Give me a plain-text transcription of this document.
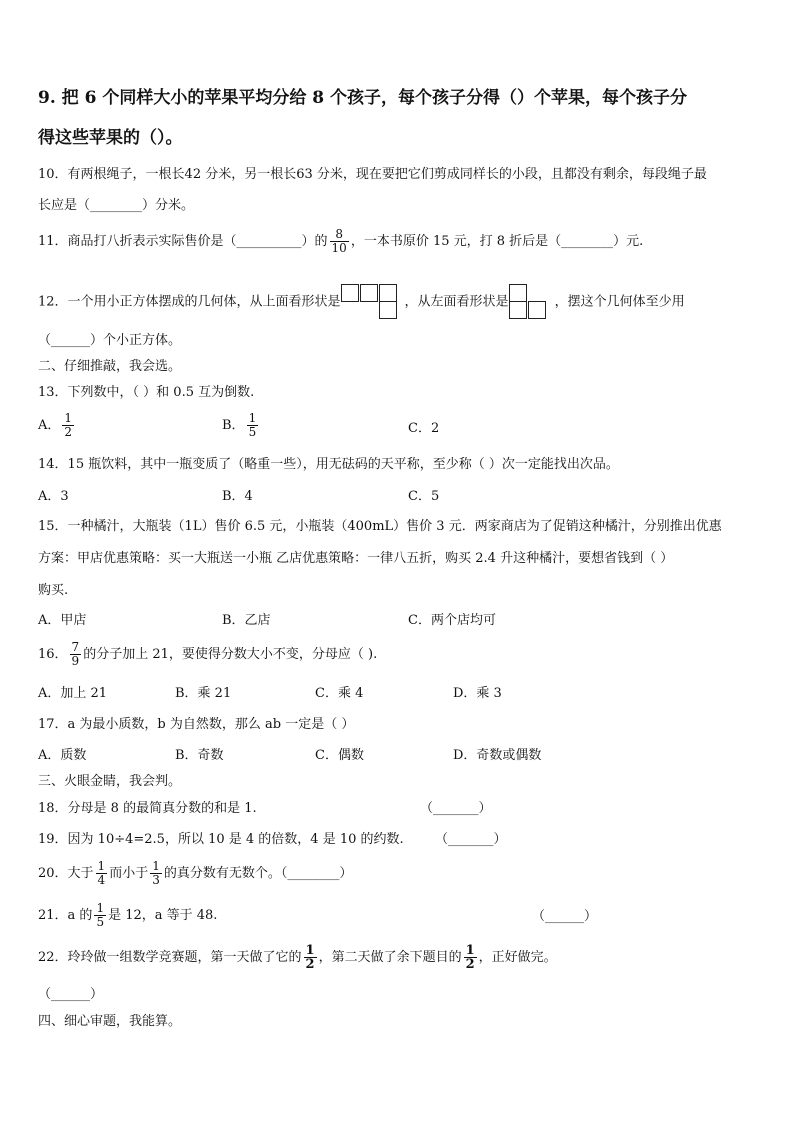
9. 把 6 个同样大小的苹果平均分给 8 个孩子，每个孩子分得（）个苹果，每个孩子分
得这些苹果的（）。
10．有两根绳子，一根长42 分米，另一根长63 分米，现在要把它们剪成同样长的小段，且都没有剩余，每段绳子最
长应是（________）分米。
11．商品打八折表示实际售价是（__________）的 $\frac{8}{10}$ ，一本书原价 15 元，打 8 折后是（________）元.
12．一个用小正方体摆成的几何体，从上面看形状是	，从左面看形状是	，摆这个几何体至少用
（______）个小正方体。
二、仔细推敲，我会选。
13．下列数中，（ ）和 0.5 互为倒数.
A． $\frac{1}{2}$	B． $\frac{1}{5}$	C．2
14．15 瓶饮料，其中一瓶变质了（略重一些），用无砝码的天平称，至少称（ ）次一定能找出次品。
A．3	B．4	C．5
15．一种橘汁，大瓶装（1L）售价 6.5 元，小瓶装（400mL）售价 3 元．两家商店为了促销这种橘汁，分别推出优惠
方案：甲店优惠策略：买一大瓶送一小瓶 乙店优惠策略：一律八五折，购买 2.4 升这种橘汁，要想省钱到（ ）
购买.
A．甲店	B．乙店	C．两个店均可
16． $\frac{7}{9}$ 的分子加上 21，要使得分数大小不变，分母应（ ).
A．加上 21	B．乘 21	C．乘 4	D．乘 3
17．a 为最小质数，b 为自然数，那么 ab 一定是（ ）
A．质数	B．奇数	C．偶数	D．奇数或偶数
三、火眼金睛，我会判。
18．分母是 8 的最简真分数的和是 1.	（_______）
19．因为 10÷4=2.5，所以 10 是 4 的倍数，4 是 10 的约数. （_______）
20．大于 $\frac{1}{4}$ 而小于 $\frac{1}{3}$ 的真分数有无数个。（________）
21．a 的 $\frac{1}{5}$ 是 12，a 等于 48.	（______）
22．玲玲做一组数学竞赛题，第一天做了它的 $\frac{1}{2}$ ，第二天做了余下题目的 $\frac{1}{2}$ ，正好做完。
（______）
四、细心审题，我能算。
